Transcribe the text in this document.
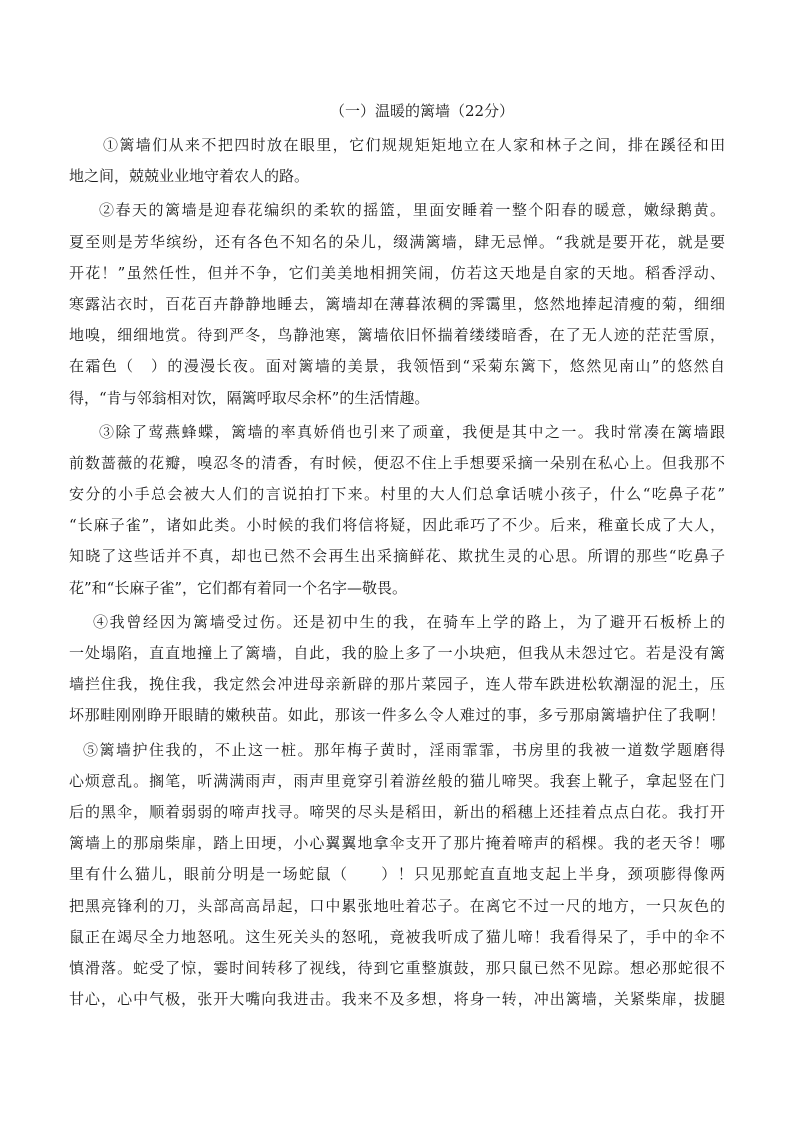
（一）温暖的篱墙（22分）
①篱墙们从来不把四时放在眼里，它们规规矩矩地立在人家和林子之间，排在蹊径和田
地之间，兢兢业业地守着农人的路。
②春天的篱墙是迎春花编织的柔软的摇篮，里面安睡着一整个阳春的暖意，嫩绿鹅黄。
夏至则是芳华缤纷，还有各色不知名的朵儿，缀满篱墙，肆无忌惮。“我就是要开花，就是要
开花！”虽然任性，但并不争，它们美美地相拥笑闹，仿若这天地是自家的天地。稻香浮动、
寒露沾衣时，百花百卉静静地睡去，篱墙却在薄暮浓稠的霁霭里，悠然地捧起清瘦的菊，细细
地嗅，细细地赏。待到严冬，鸟静池寒，篱墙依旧怀揣着缕缕暗香，在了无人迹的茫茫雪原，
在霜色（　）的漫漫长夜。面对篱墙的美景，我领悟到“采菊东篱下，悠然见南山”的悠然自
得，“肯与邻翁相对饮，隔篱呼取尽余杯”的生活情趣。
③除了莺燕蜂蝶，篱墙的率真娇俏也引来了顽童，我便是其中之一。我时常凑在篱墙跟
前数蔷薇的花瓣，嗅忍冬的清香，有时候，便忍不住上手想要采摘一朵别在私心上。但我那不
安分的小手总会被大人们的言说拍打下来。村里的大人们总拿话唬小孩子，什么“吃鼻子花”
“长麻子雀”，诸如此类。小时候的我们将信将疑，因此乖巧了不少。后来，稚童长成了大人，
知晓了这些话并不真，却也已然不会再生出采摘鲜花、欺扰生灵的心思。所谓的那些“吃鼻子
花”和“长麻子雀”，它们都有着同一个名字—敬畏。
④我曾经因为篱墙受过伤。还是初中生的我，在骑车上学的路上，为了避开石板桥上的
一处塌陷，直直地撞上了篱墙，自此，我的脸上多了一小块疤，但我从未怨过它。若是没有篱
墙拦住我，挽住我，我定然会冲进母亲新辟的那片菜园子，连人带车跌进松软潮湿的泥土，压
坏那畦刚刚睁开眼睛的嫩秧苗。如此，那该一件多么令人难过的事，多亏那扇篱墙护住了我啊！
⑤篱墙护住我的，不止这一桩。那年梅子黄时，淫雨霏霏，书房里的我被一道数学题磨得
心烦意乱。搁笔，听满满雨声，雨声里竟穿引着游丝般的猫儿啼哭。我套上靴子，拿起竖在门
后的黑伞，顺着弱弱的啼声找寻。啼哭的尽头是稻田，新出的稻穗上还挂着点点白花。我打开
篱墙上的那扇柴扉，踏上田埂，小心翼翼地拿伞支开了那片掩着啼声的稻棵。我的老天爷！哪
里有什么猫儿，眼前分明是一场蛇鼠（　　）！只见那蛇直直地支起上半身，颈项膨得像两
把黑亮锋利的刀，头部高高昂起，口中累张地吐着芯子。在离它不过一尺的地方，一只灰色的
鼠正在竭尽全力地怒吼。这生死关头的怒吼，竟被我听成了猫儿啼！我看得呆了，手中的伞不
慎滑落。蛇受了惊，霎时间转移了视线，待到它重整旗鼓，那只鼠已然不见踪。想必那蛇很不
甘心，心中气极，张开大嘴向我进击。我来不及多想，将身一转，冲出篱墙，关紧柴扉，拔腿
